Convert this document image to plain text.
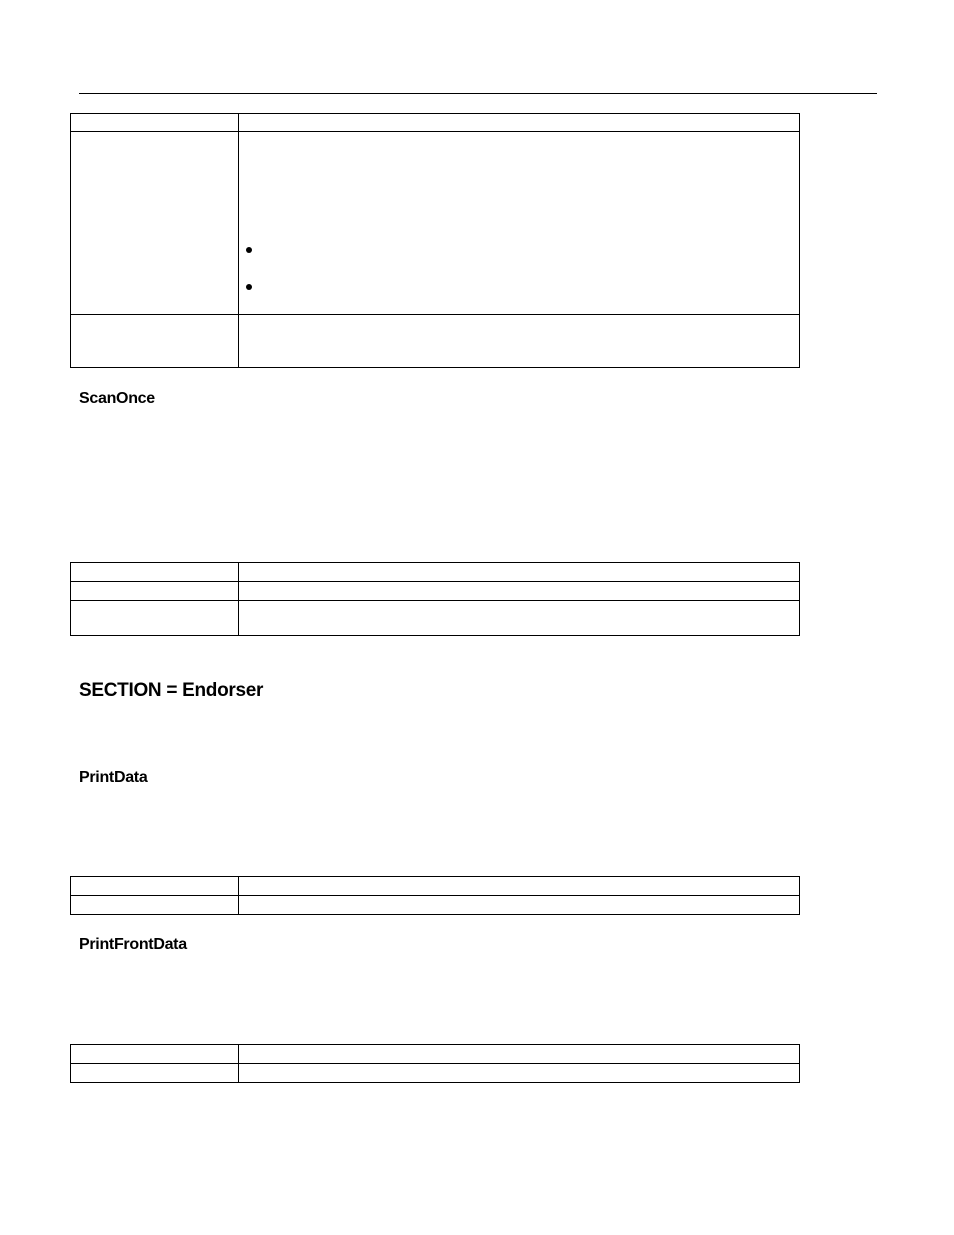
ScanOnce

SECTION = Endorser
PrintData

PrintFrontData
